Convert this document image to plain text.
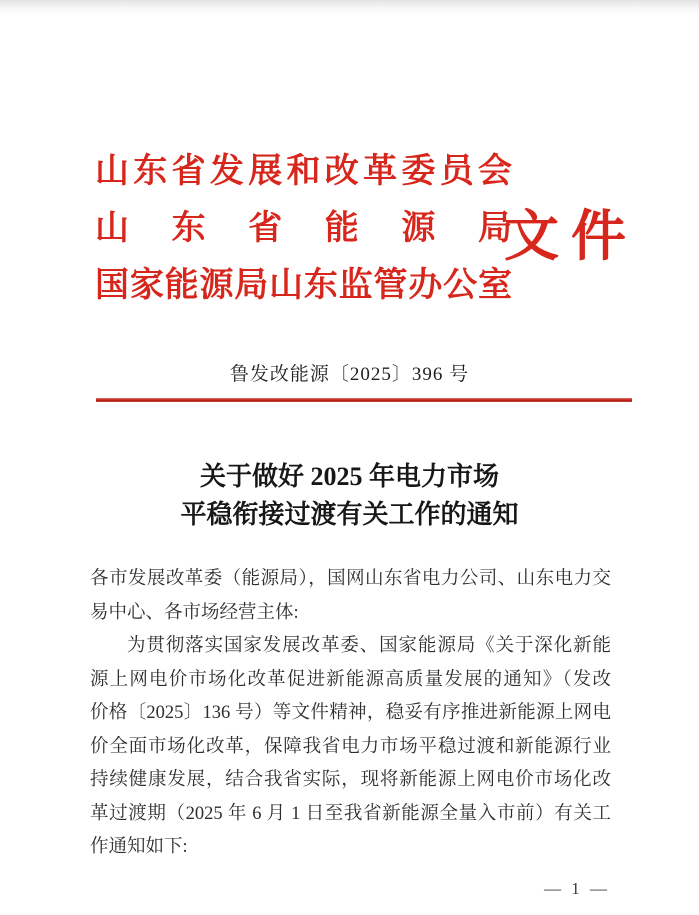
山东省发展和改革委员会
山东省能源局
国家能源局山东监管办公室
文件
鲁发改能源〔2025〕396 号
关于做好 2025 年电力市场
平稳衔接过渡有关工作的通知
各市发展改革委（能源局），国网山东省电力公司、山东电力交
易中心、各市场经营主体:
为贯彻落实国家发展改革委、国家能源局《关于深化新能
源上网电价市场化改革促进新能源高质量发展的通知》（发改
价格〔2025〕136 号）等文件精神，稳妥有序推进新能源上网电
价全面市场化改革，保障我省电力市场平稳过渡和新能源行业
持续健康发展，结合我省实际，现将新能源上网电价市场化改
革过渡期（2025 年 6 月 1 日至我省新能源全量入市前）有关工
作通知如下:
— 1 —
